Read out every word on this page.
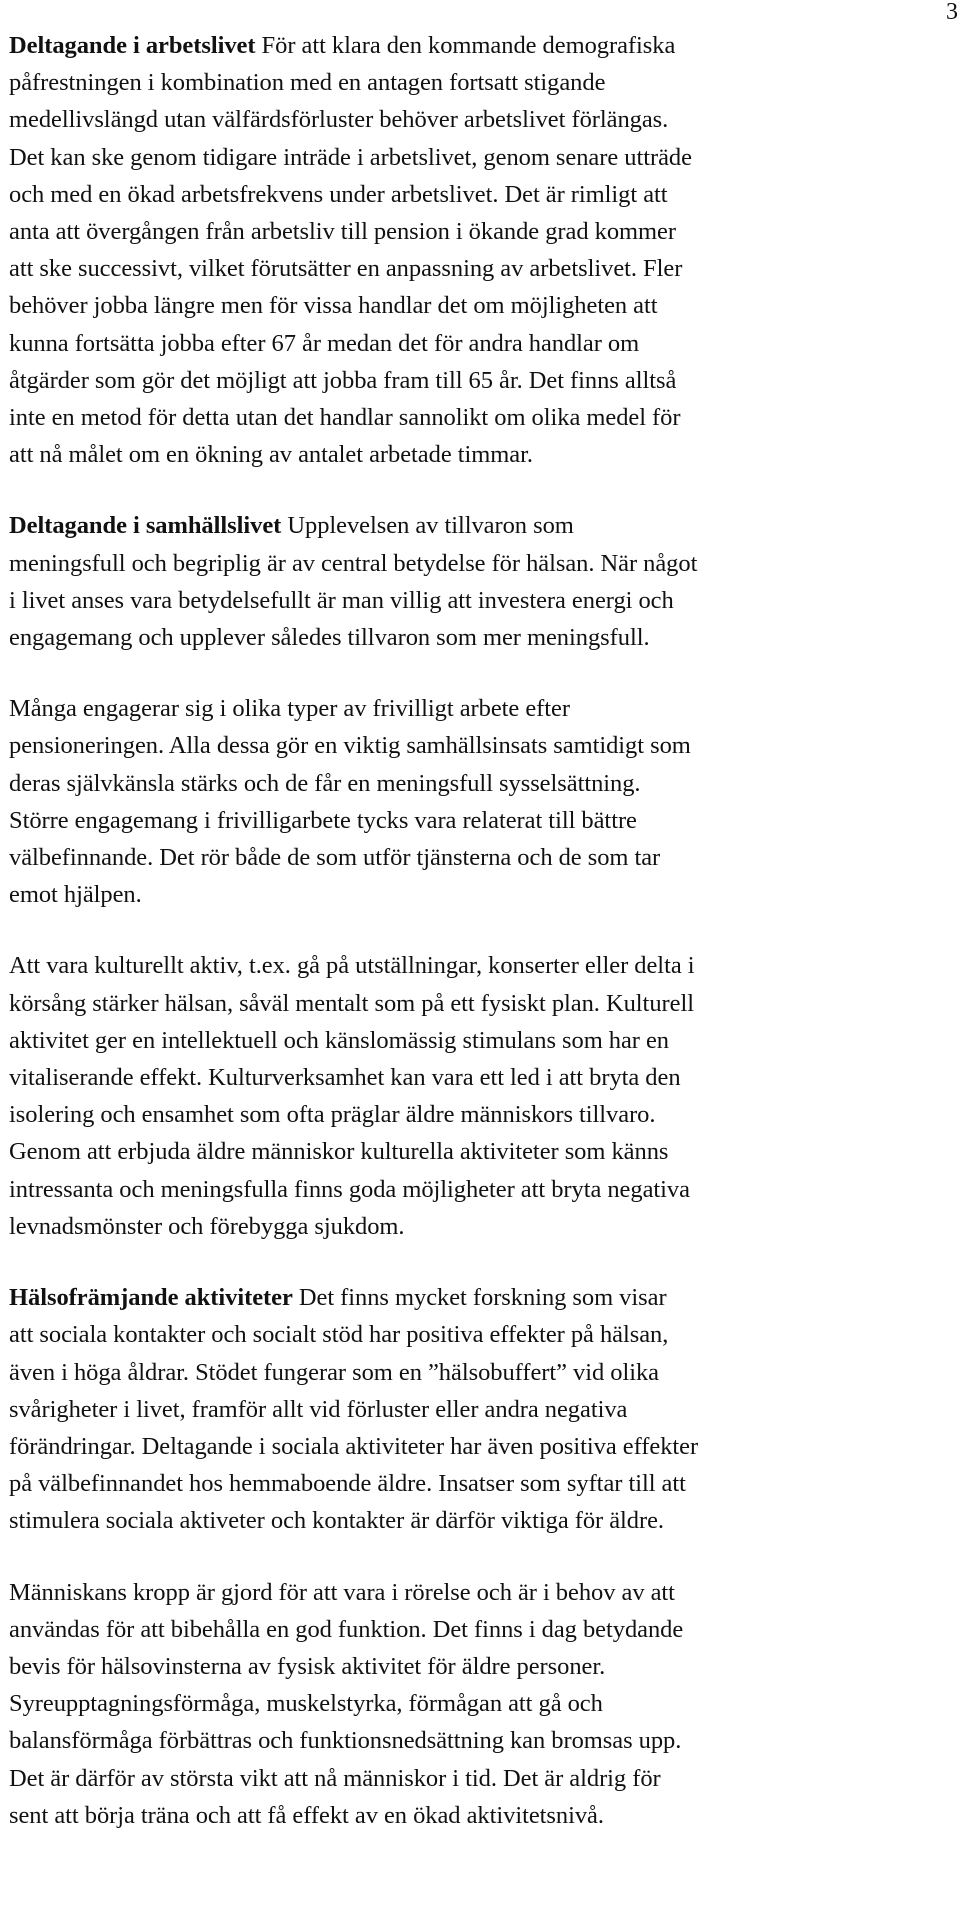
3

Deltagande i arbetslivet För att klara den kommande demografiska
påfrestningen i kombination med en antagen fortsatt stigande
medellivslängd utan välfärdsförluster behöver arbetslivet förlängas.
Det kan ske genom tidigare inträde i arbetslivet, genom senare utträde
och med en ökad arbetsfrekvens under arbetslivet. Det är rimligt att
anta att övergången från arbetsliv till pension i ökande grad kommer
att ske successivt, vilket förutsätter en anpassning av arbetslivet. Fler
behöver jobba längre men för vissa handlar det om möjligheten att
kunna fortsätta jobba efter 67 år medan det för andra handlar om
åtgärder som gör det möjligt att jobba fram till 65 år. Det finns alltså
inte en metod för detta utan det handlar sannolikt om olika medel för
att nå målet om en ökning av antalet arbetade timmar.

Deltagande i samhällslivet Upplevelsen av tillvaron som
meningsfull och begriplig är av central betydelse för hälsan. När något
i livet anses vara betydelsefullt är man villig att investera energi och
engagemang och upplever således tillvaron som mer meningsfull.

Många engagerar sig i olika typer av frivilligt arbete efter
pensioneringen. Alla dessa gör en viktig samhällsinsats samtidigt som
deras självkänsla stärks och de får en meningsfull sysselsättning.
Större engagemang i frivilligarbete tycks vara relaterat till bättre
välbefinnande. Det rör både de som utför tjänsterna och de som tar
emot hjälpen.

Att vara kulturellt aktiv, t.ex. gå på utställningar, konserter eller delta i
körsång stärker hälsan, såväl mentalt som på ett fysiskt plan. Kulturell
aktivitet ger en intellektuell och känslomässig stimulans som har en
vitaliserande effekt. Kulturverksamhet kan vara ett led i att bryta den
isolering och ensamhet som ofta präglar äldre människors tillvaro.
Genom att erbjuda äldre människor kulturella aktiviteter som känns
intressanta och meningsfulla finns goda möjligheter att bryta negativa
levnadsmönster och förebygga sjukdom.

Hälsofrämjande aktiviteter Det finns mycket forskning som visar
att sociala kontakter och socialt stöd har positiva effekter på hälsan,
även i höga åldrar. Stödet fungerar som en ”hälsobuffert” vid olika
svårigheter i livet, framför allt vid förluster eller andra negativa
förändringar. Deltagande i sociala aktiviteter har även positiva effekter
på välbefinnandet hos hemmaboende äldre. Insatser som syftar till att
stimulera sociala aktiveter och kontakter är därför viktiga för äldre.

Människans kropp är gjord för att vara i rörelse och är i behov av att
användas för att bibehålla en god funktion. Det finns i dag betydande
bevis för hälsovinsterna av fysisk aktivitet för äldre personer.
Syreupptagningsförmåga, muskelstyrka, förmågan att gå och
balansförmåga förbättras och funktionsnedsättning kan bromsas upp.
Det är därför av största vikt att nå människor i tid. Det är aldrig för
sent att börja träna och att få effekt av en ökad aktivitetsnivå.
